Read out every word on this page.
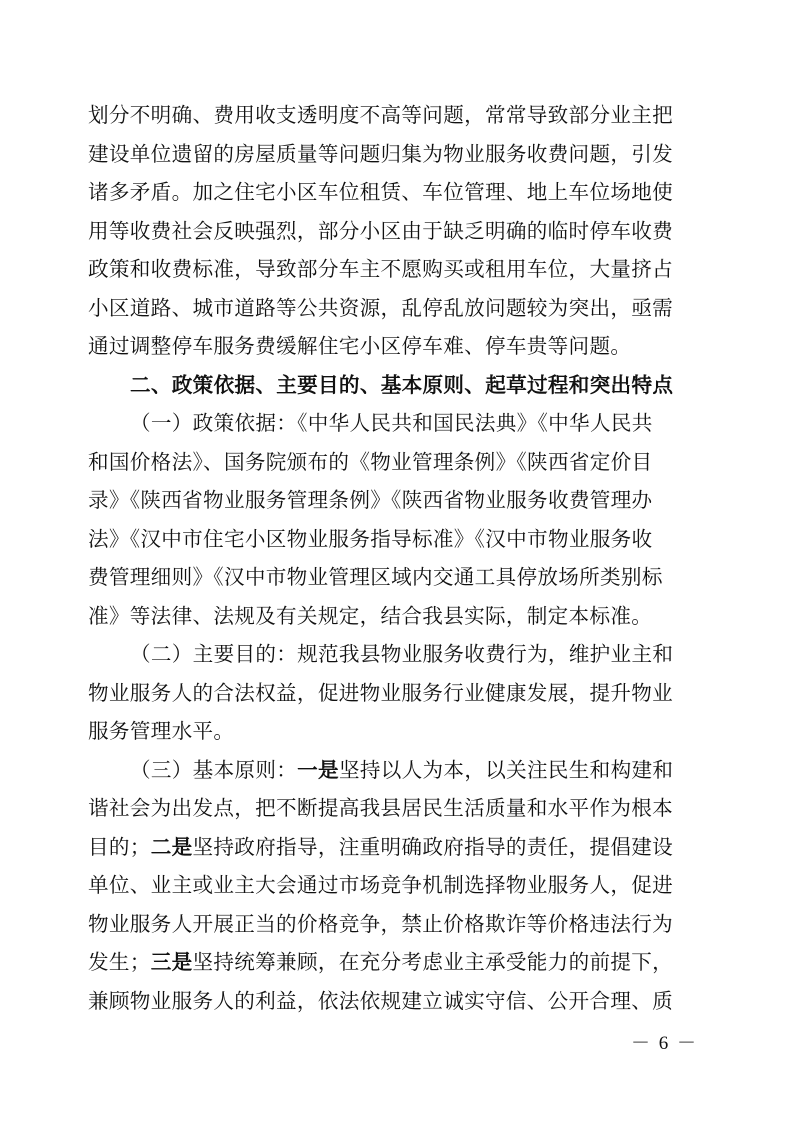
划分不明确、费用收支透明度不高等问题，常常导致部分业主把
建设单位遗留的房屋质量等问题归集为物业服务收费问题，引发
诸多矛盾。加之住宅小区车位租赁、车位管理、地上车位场地使
用等收费社会反映强烈，部分小区由于缺乏明确的临时停车收费
政策和收费标准，导致部分车主不愿购买或租用车位，大量挤占
小区道路、城市道路等公共资源，乱停乱放问题较为突出，亟需
通过调整停车服务费缓解住宅小区停车难、停车贵等问题。
二、政策依据、主要目的、基本原则、起草过程和突出特点
（一）政策依据：《中华人民共和国民法典》《中华人民共
和国价格法》、国务院颁布的《物业管理条例》《陕西省定价目
录》《陕西省物业服务管理条例》《陕西省物业服务收费管理办
法》《汉中市住宅小区物业服务指导标准》《汉中市物业服务收
费管理细则》《汉中市物业管理区域内交通工具停放场所类别标
准》等法律、法规及有关规定，结合我县实际，制定本标准。
（二）主要目的：规范我县物业服务收费行为，维护业主和
物业服务人的合法权益，促进物业服务行业健康发展，提升物业
服务管理水平。
（三）基本原则：一是坚持以人为本，以关注民生和构建和
谐社会为出发点，把不断提高我县居民生活质量和水平作为根本
目的；二是坚持政府指导，注重明确政府指导的责任，提倡建设
单位、业主或业主大会通过市场竞争机制选择物业服务人，促进
物业服务人开展正当的价格竞争，禁止价格欺诈等价格违法行为
发生；三是坚持统筹兼顾，在充分考虑业主承受能力的前提下，
兼顾物业服务人的利益，依法依规建立诚实守信、公开合理、质
－ 6 －
